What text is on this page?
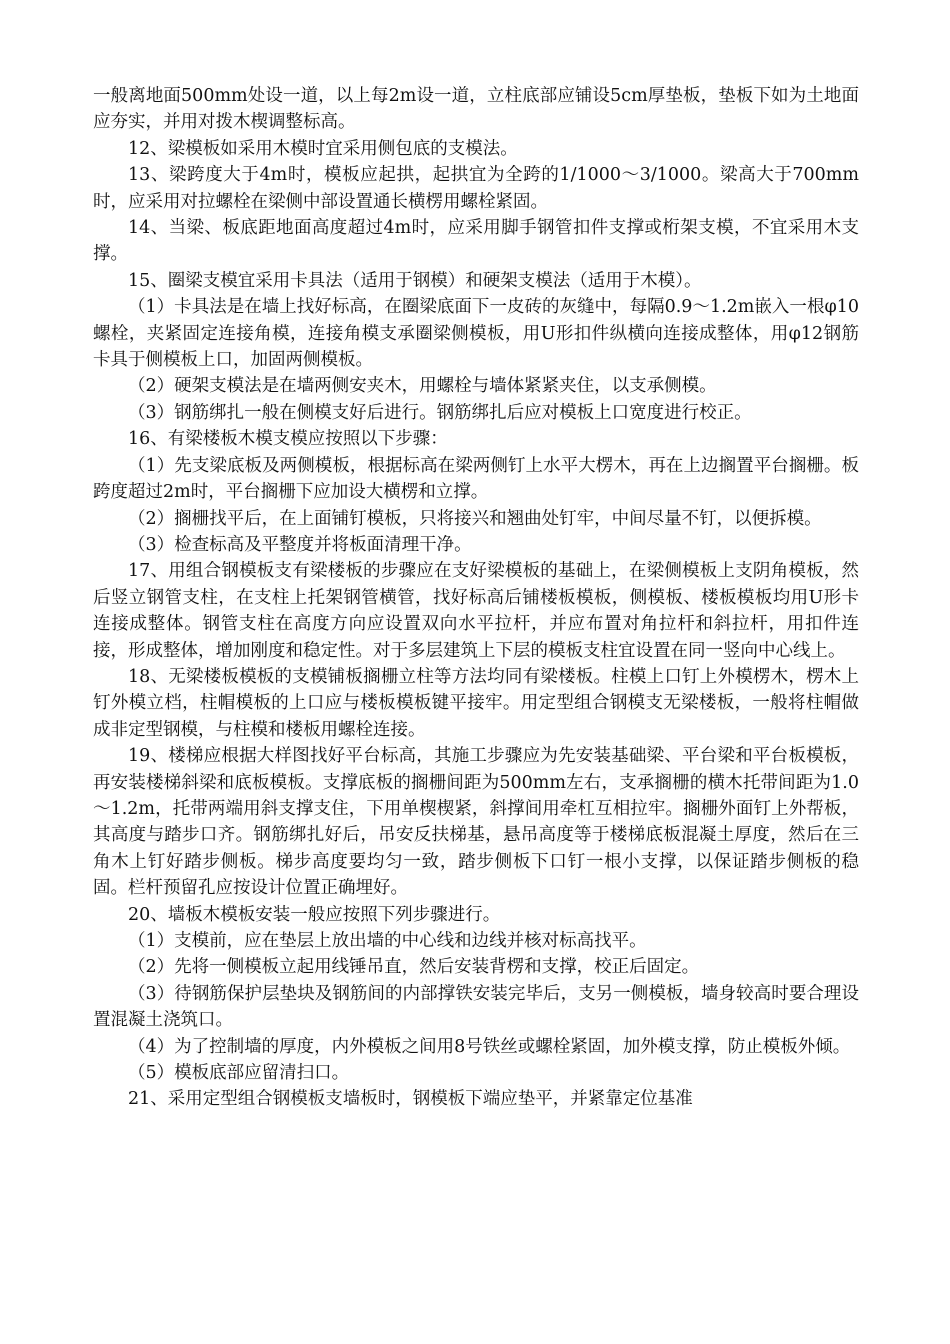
一般离地面500mm处设一道，以上每2m设一道，立柱底部应铺设5cm厚垫板，垫板下如为土地面应夯实，并用对拨木楔调整标高。

12、梁模板如采用木模时宜采用侧包底的支模法。

13、梁跨度大于4m时，模板应起拱，起拱宜为全跨的1/1000～3/1000。梁高大于700mm时，应采用对拉螺栓在梁侧中部设置通长横楞用螺栓紧固。

14、当梁、板底距地面高度超过4m时，应采用脚手钢管扣件支撑或桁架支模，不宜采用木支撑。

15、圈梁支模宜采用卡具法（适用于钢模）和硬架支模法（适用于木模）。

（1）卡具法是在墙上找好标高，在圈梁底面下一皮砖的灰缝中，每隔0.9～1.2m嵌入一根φ10螺栓，夹紧固定连接角模，连接角模支承圈梁侧模板，用U形扣件纵横向连接成整体，用φ12钢筋卡具于侧模板上口，加固两侧模板。

（2）硬架支模法是在墙两侧安夹木，用螺栓与墙体紧紧夹住，以支承侧模。

（3）钢筋绑扎一般在侧模支好后进行。钢筋绑扎后应对模板上口宽度进行校正。

16、有梁楼板木模支模应按照以下步骤：

（1）先支梁底板及两侧模板，根据标高在梁两侧钉上水平大楞木，再在上边搁置平台搁栅。板跨度超过2m时，平台搁栅下应加设大横楞和立撑。

（2）搁栅找平后，在上面铺钉模板，只将接兴和翘曲处钉牢，中间尽量不钉，以便拆模。

（3）检查标高及平整度并将板面清理干净。

17、用组合钢模板支有梁楼板的步骤应在支好梁模板的基础上，在梁侧模板上支阴角模板，然后竖立钢管支柱，在支柱上托架钢管横管，找好标高后铺楼板模板，侧模板、楼板模板均用U形卡连接成整体。钢管支柱在高度方向应设置双向水平拉杆，并应布置对角拉杆和斜拉杆，用扣件连接，形成整体，增加刚度和稳定性。对于多层建筑上下层的模板支柱宜设置在同一竖向中心线上。

18、无梁楼板模板的支模铺板搁栅立柱等方法均同有梁楼板。柱模上口钉上外模楞木，楞木上钉外模立档，柱帽模板的上口应与楼板模板键平接牢。用定型组合钢模支无梁楼板，一般将柱帽做成非定型钢模，与柱模和楼板用螺栓连接。

19、楼梯应根据大样图找好平台标高，其施工步骤应为先安装基础梁、平台梁和平台板模板，再安装楼梯斜梁和底板模板。支撑底板的搁栅间距为500mm左右，支承搁栅的横木托带间距为1.0～1.2m，托带两端用斜支撑支住，下用单楔楔紧，斜撑间用牵杠互相拉牢。搁栅外面钉上外帮板，其高度与踏步口齐。钢筋绑扎好后，吊安反扶梯基，悬吊高度等于楼梯底板混凝土厚度，然后在三角木上钉好踏步侧板。梯步高度要均匀一致，踏步侧板下口钉一根小支撑，以保证踏步侧板的稳固。栏杆预留孔应按设计位置正确埋好。

20、墙板木模板安装一般应按照下列步骤进行。

（1）支模前，应在垫层上放出墙的中心线和边线并核对标高找平。

（2）先将一侧模板立起用线锤吊直，然后安装背楞和支撑，校正后固定。

（3）待钢筋保护层垫块及钢筋间的内部撑铁安装完毕后，支另一侧模板，墙身较高时要合理设置混凝土浇筑口。

（4）为了控制墙的厚度，内外模板之间用8号铁丝或螺栓紧固，加外模支撑，防止模板外倾。

（5）模板底部应留清扫口。

21、采用定型组合钢模板支墙板时，钢模板下端应垫平，并紧靠定位基准
